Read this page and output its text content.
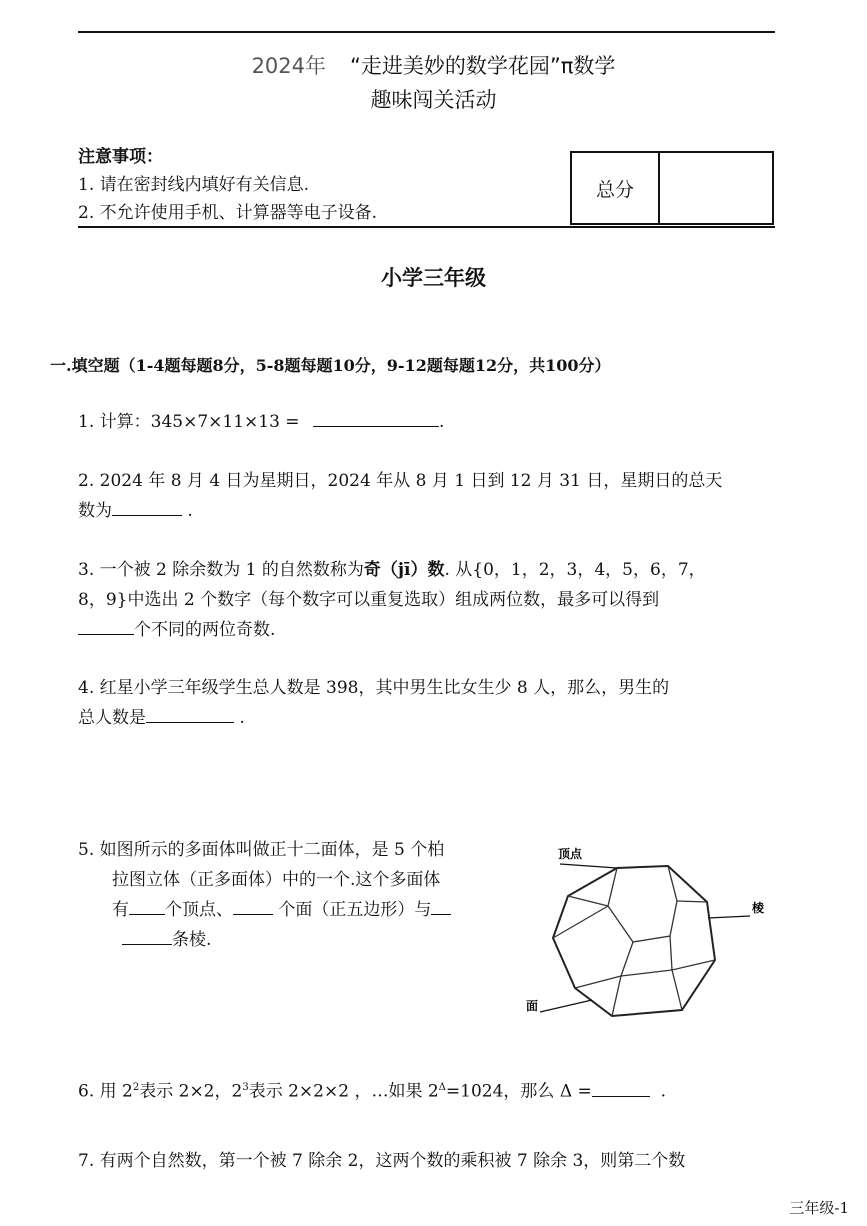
2024年 “走进美妙的数学花园”π数学
趣味闯关活动
注意事项：
1. 请在密封线内填好有关信息.
2. 不允许使用手机、计算器等电子设备.
总分
小学三年级
一.填空题（1-4题每题8分，5-8题每题10分，9-12题每题12分，共100分）
1. 计算：345×7×11×13 =	.
2. 2024 年 8 月 4 日为星期日，2024 年从 8 月 1 日到 12 月 31 日，星期日的总天
数为	.
3. 一个被 2 除余数为 1 的自然数称为奇（jī）数. 从{0，1，2，3，4，5，6，7，
8，9}中选出 2 个数字（每个数字可以重复选取）组成两位数，最多可以得到
个不同的两位奇数.
4. 红星小学三年级学生总人数是 398，其中男生比女生少 8 人，那么，男生的
总人数是	.
5. 如图所示的多面体叫做正十二面体，是 5 个柏
拉图立体（正多面体）中的一个.这个多面体
有 个顶点、	个面（正五边形）与
条棱.
顶点
棱
面
6. 用 $2^2$表示 2×2，$2^3$表示 2×2×2 ，…如果 $2^\Delta=1024$，那么 Δ =	.
7. 有两个自然数，第一个被 7 除余 2，这两个数的乘积被 7 除余 3，则第二个数
三年级-1
